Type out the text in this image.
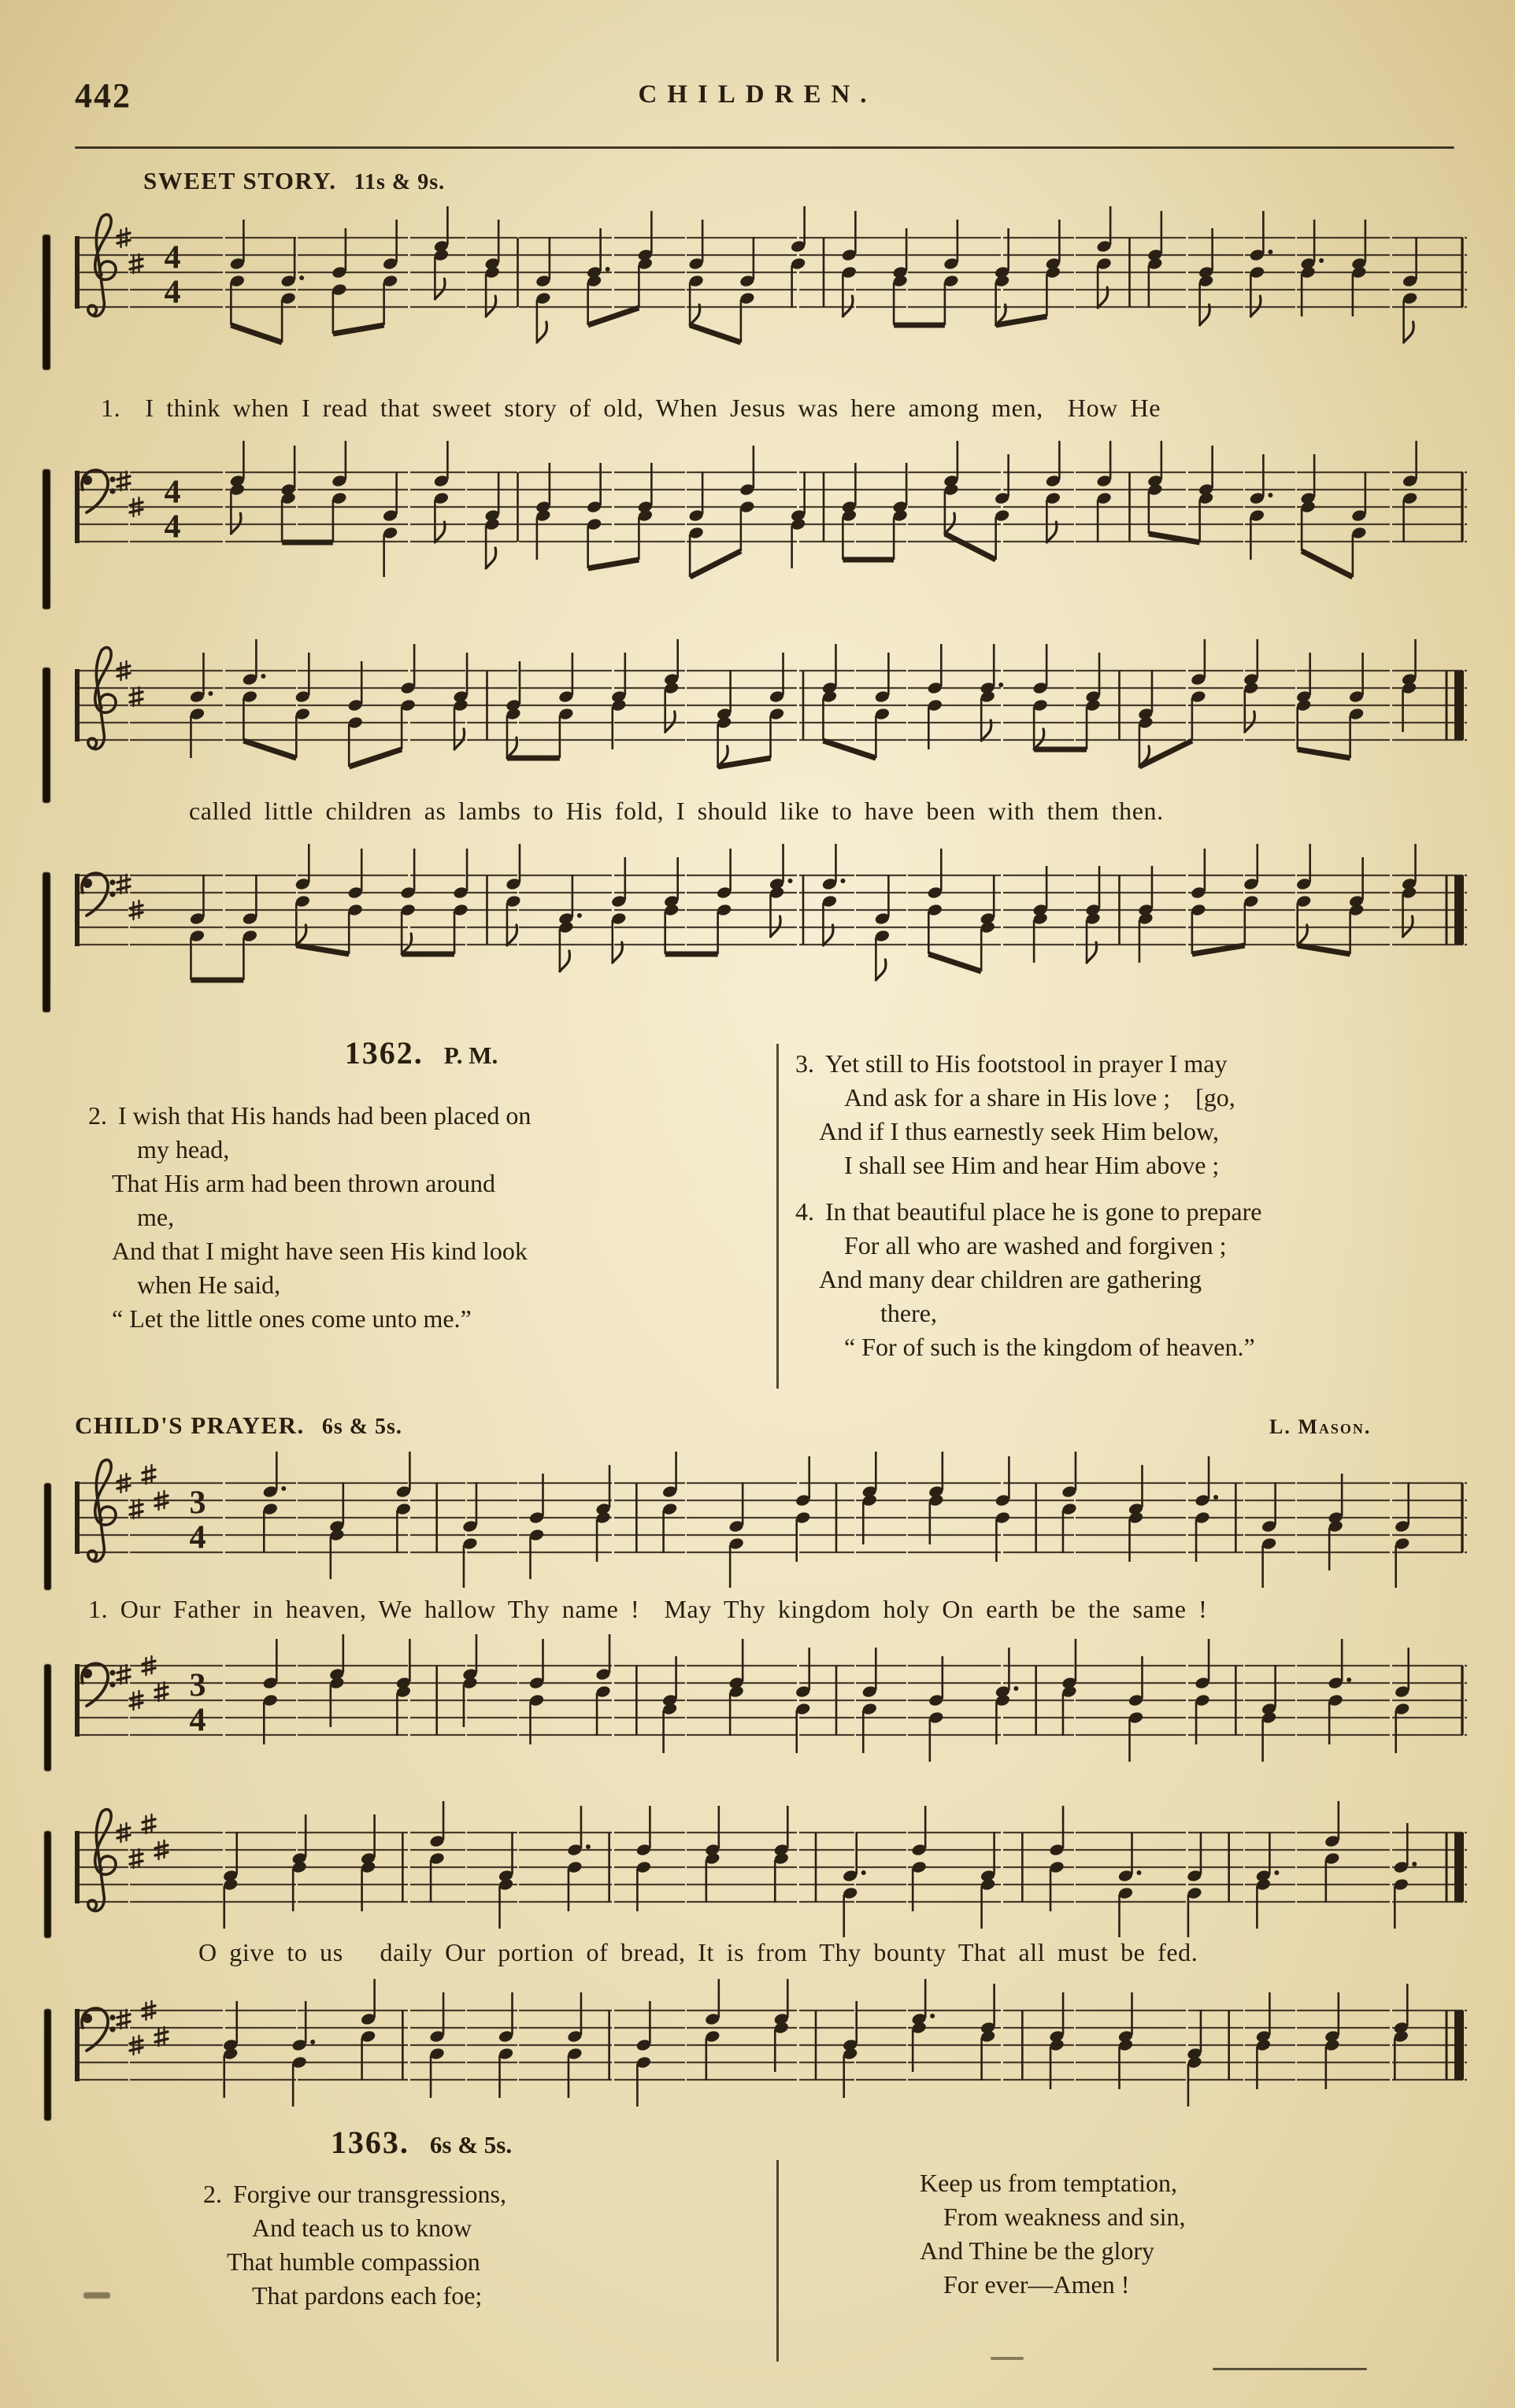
442	CHILDREN.
SWEET STORY. 11s & 9s.
4
4
1.  I think when I read that sweet story of old, When Jesus was here among men,  How He
4
4
called little children as lambs to His fold, I should like to have been with them then.
1362. P. M.
2. I wish that His hands had been placed on
my head,
That His arm had been thrown around
me,
And that I might have seen His kind look
when He said,
“ Let the little ones come unto me.”
3. Yet still to His footstool in prayer I may
And ask for a share in His love ;    [go,
And if I thus earnestly seek Him below,
I shall see Him and hear Him above ;
4. In that beautiful place he is gone to prepare
For all who are washed and forgiven ;
And many dear children are gathering
there,
“ For of such is the kingdom of heaven.”
CHILD'S PRAYER. 6s & 5s.	L. Mason.
3
4
1. Our Father in heaven, We hallow Thy name !  May Thy kingdom holy On earth be the same !
3
4
O give to us   daily Our portion of bread, It is from Thy bounty That all must be fed.
1363. 6s & 5s.
2. Forgive our transgressions,
And teach us to know
That humble compassion
That pardons each foe;
Keep us from temptation,
From weakness and sin,
And Thine be the glory
For ever—Amen !
